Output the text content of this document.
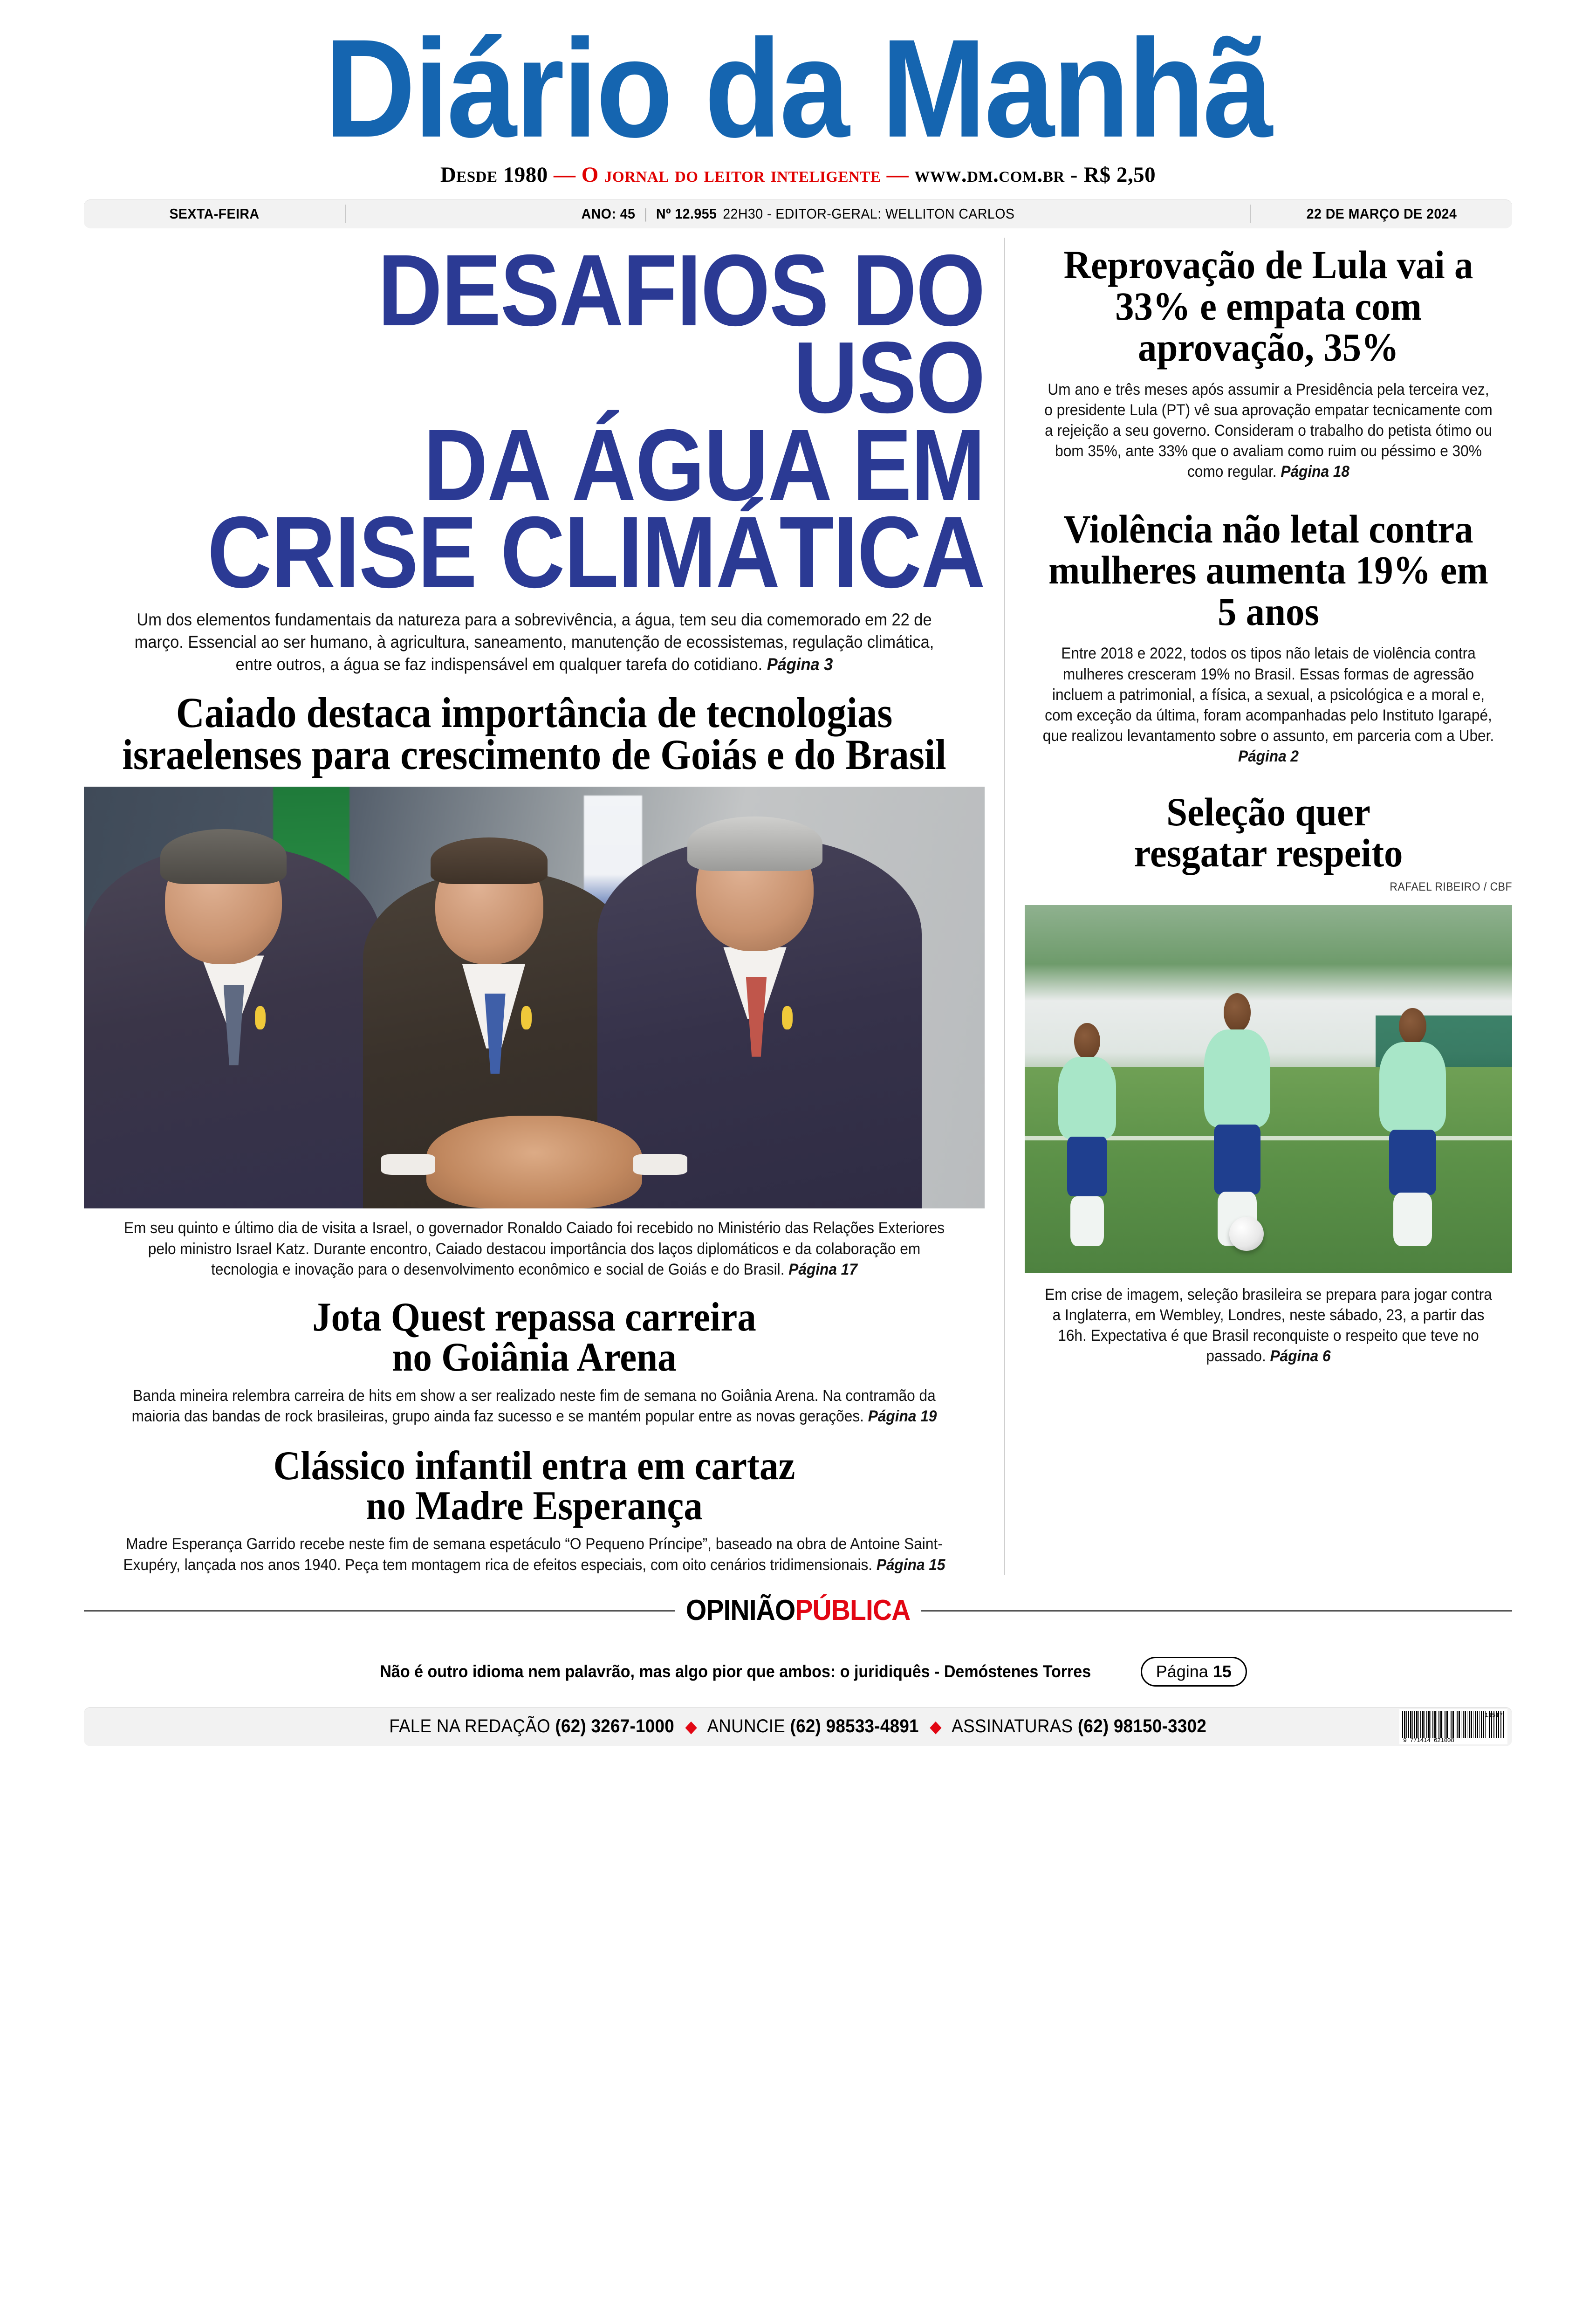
Diário da Manhã
Desde 1980 — O jornal do leitor inteligente — www.dm.com.br - R$ 2,50
SEXTA-FEIRA	ANO: 45 | Nº 12.955 22H30 - EDITOR-GERAL: WELLITON CARLOS	22 DE MARÇO DE 2024
DESAFIOS DO USO
DA ÁGUA EM
CRISE CLIMÁTICA
Um dos elementos fundamentais da natureza para a sobrevivência, a água, tem seu dia comemorado em 22 de março. Essencial ao ser humano, à agricultura, saneamento, manutenção de ecossistemas, regulação climática, entre outros, a água se faz indispensável em qualquer tarefa do cotidiano. Página 3
Caiado destaca importância de tecnologias israelenses para crescimento de Goiás e do Brasil
Em seu quinto e último dia de visita a Israel, o governador Ronaldo Caiado foi recebido no Ministério das Relações Exteriores pelo ministro Israel Katz. Durante encontro, Caiado destacou importância dos laços diplomáticos e da colaboração em tecnologia e inovação para o desenvolvimento econômico e social de Goiás e do Brasil. Página 17
Jota Quest repassa carreira
no Goiânia Arena
Banda mineira relembra carreira de hits em show a ser realizado neste fim de semana no Goiânia Arena. Na contramão da maioria das bandas de rock brasileiras, grupo ainda faz sucesso e se mantém popular entre as novas gerações. Página 19
Clássico infantil entra em cartaz
no Madre Esperança
Madre Esperança Garrido recebe neste fim de semana espetáculo “O Pequeno Príncipe”, baseado na obra de Antoine Saint-Exupéry, lançada nos anos 1940. Peça tem montagem rica de efeitos especiais, com oito cenários tridimensionais. Página 15
Reprovação de Lula vai a 33% e empata com aprovação, 35%
Um ano e três meses após assumir a Presidência pela terceira vez, o presidente Lula (PT) vê sua aprovação empatar tecnicamente com a rejeição a seu governo. Consideram o trabalho do petista ótimo ou bom 35%, ante 33% que o avaliam como ruim ou péssimo e 30% como regular. Página 18
Violência não letal contra mulheres aumenta 19% em 5 anos
Entre 2018 e 2022, todos os tipos não letais de violência contra mulheres cresceram 19% no Brasil. Essas formas de agressão incluem a patrimonial, a física, a sexual, a psicológica e a moral e, com exceção da última, foram acompanhadas pelo Instituto Igarapé, que realizou levantamento sobre o assunto, em parceria com a Uber. Página 2
Seleção quer
resgatar respeito
RAFAEL RIBEIRO / CBF
Em crise de imagem, seleção brasileira se prepara para jogar contra a Inglaterra, em Wembley, Londres, neste sábado, 23, a partir das 16h. Expectativa é que Brasil reconquiste o respeito que teve no passado. Página 6
OPINIÃOPÚBLICA
Não é outro idioma nem palavrão, mas algo pior que ambos: o juridiquês - Demóstenes Torres	Página 15
FALE NA REDAÇÃO (62) 3267-1000 ◆ ANUNCIE (62) 98533-4891 ◆ ASSINATURAS (62) 98150-3302
9 771414 621008
11517
